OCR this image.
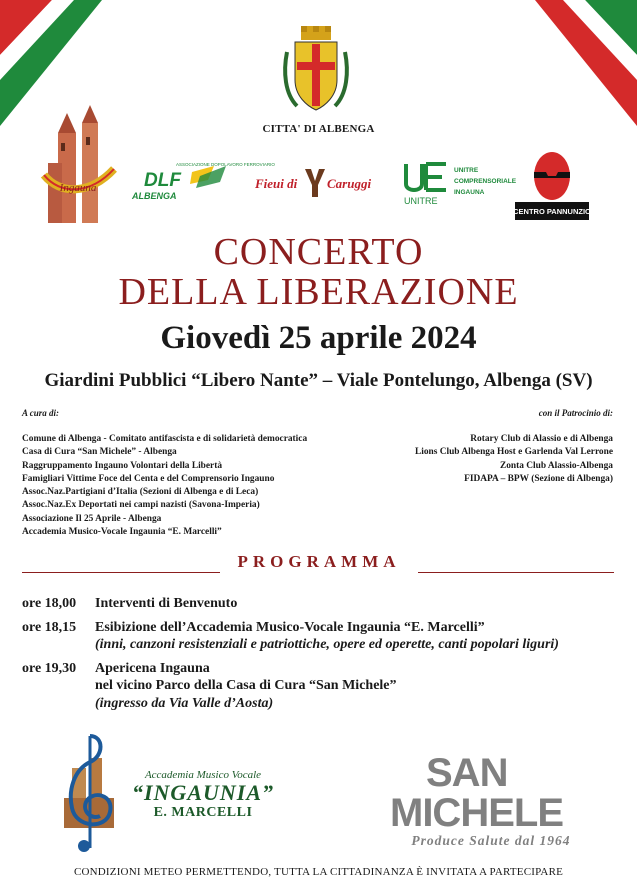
CITTA' DI ALBENGA
Ingauna
ASSOCIAZIONE DOPOLAVORO FERROVIARIO
DLF
ALBENGA
Fieui di Caruggi
UNITRE
COMPRENSORIALE
INGAUNA
UNITRE
CENTRO PANNUNZIO
CONCERTO
DELLA LIBERAZIONE
Giovedì 25 aprile 2024
Giardini Pubblici “Libero Nante” – Viale Pontelungo, Albenga (SV)
A cura di:	con il Patrocinio di:
Comune di Albenga - Comitato antifascista e di solidarietà democratica
Casa di Cura “San Michele” - Albenga
Raggruppamento Ingauno Volontari della Libertà
Famigliari Vittime Foce del Centa e del Comprensorio Ingauno
Assoc.Naz.Partigiani d’Italia (Sezioni di Albenga e di Leca)
Assoc.Naz.Ex Deportati nei campi nazisti (Savona-Imperia)
Associazione Il 25 Aprile - Albenga
Accademia Musico-Vocale Ingaunia “E. Marcelli”
Rotary Club di Alassio e di Albenga
Lions Club Albenga Host e Garlenda Val Lerrone
Zonta Club Alassio-Albenga
FIDAPA – BPW (Sezione di Albenga)
PROGRAMMA
ore 18,00	Interventi di Benvenuto
ore 18,15	Esibizione dell’Accademia Musico-Vocale Ingaunia “E. Marcelli”
(inni, canzoni resistenziali e patriottiche, opere ed operette, canti popolari liguri)
ore 19,30	Apericena Ingauna
nel vicino Parco della Casa di Cura “San Michele”
(ingresso da Via Valle d’Aosta)
Accademia Musico Vocale
“INGAUNIA”
E. MARCELLI
SAN
MICHELE
Produce Salute dal 1964
CONDIZIONI METEO PERMETTENDO, TUTTA LA CITTADINANZA È INVITATA A PARTECIPARE
